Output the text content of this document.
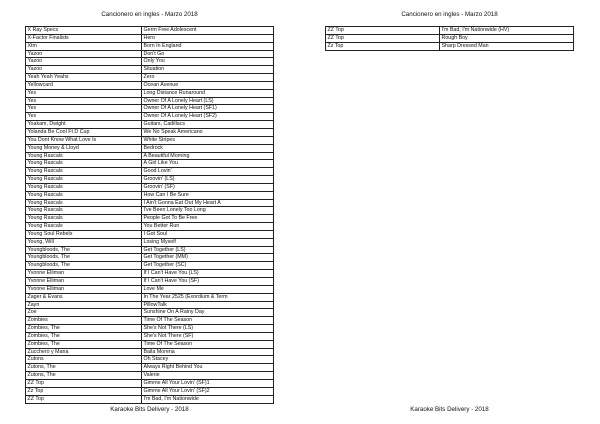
Cancionero en ingles - Marzo 2018
X Ray Specs	Germ Free Adolescent
X-Factor Finalists	Hero
Xtm	Born In England
Yazoo	Don't Go
Yazoo	Only You
Yazoo	Situation
Yeah Yeah Yeahs	Zero
Yellowcard	Ocean Avenue
Yes	Long Distance Runaround
Yes	Owner Of A Lonely Heart (LS)
Yes	Owner Of A Lonely Heart (SF1)
Yes	Owner Of A Lonely Heart (SF2)
Yoakam, Dwight	Guitars, Cadillacs
Yolanda Be Cool Ft D Cup	We No Speak Americano
You Dont Know What Love Is	White Stripes
Young Money & Lloyd	Bedrock
Young Rascals	A Beautiful Morning
Young Rascals	A Girl Like You
Young Rascals	Good Lovin'
Young Rascals	Groovin' (LS)
Young Rascals	Groovin' (SF)
Young Rascals	How Can I Be Sure
Young Rascals	I Ain't Gonna Eat Out My Heart A
Young Rascals	I've Been Lonely Too Long
Young Rascals	People Got To Be Free
Young Rascals	You Better Run
Young Soul Rebels	I Got Soul
Young, Will	Losing Myself
Youngbloods, The	Get Together (LS)
Youngbloods, The	Get Together (MM)
Youngbloods, The	Get Together (SC)
Yvonne Elliman	If I Can't Have You (LS)
Yvonne Elliman	If I Can't Have You (SF)
Yvonne Elliman	Love Me
Zager & Evans	In The Year 2525 (Exordium & Term
Zayn	PillowTalk
Zoe	Sunshine On A Rainy Day
Zombies	Time Of The Season
Zombies, The	She's Not There (LS)
Zombies, The	She's Not There (SF)
Zombies, The	Time Of The Season
Zucchero y Mana	Baila Morena
Zutons	Oh Stacey
Zutons, The	Always Right Behind You
Zutons, The	Valerie
ZZ Top	Gimme All Your Lovin' (SF)1
Zz Top	Gimme All Your Lovin' (SF)2
ZZ Top	I'm Bad, I'm Nationwide
Karaoke Bits Delivery - 2018
Cancionero en ingles - Marzo 2018
ZZ Top	I'm Bad, I'm Nationwide (HV)
ZZ Top	Rough Boy
Zz Top	Sharp Dressed Man
Karaoke Bits Delivery - 2018
